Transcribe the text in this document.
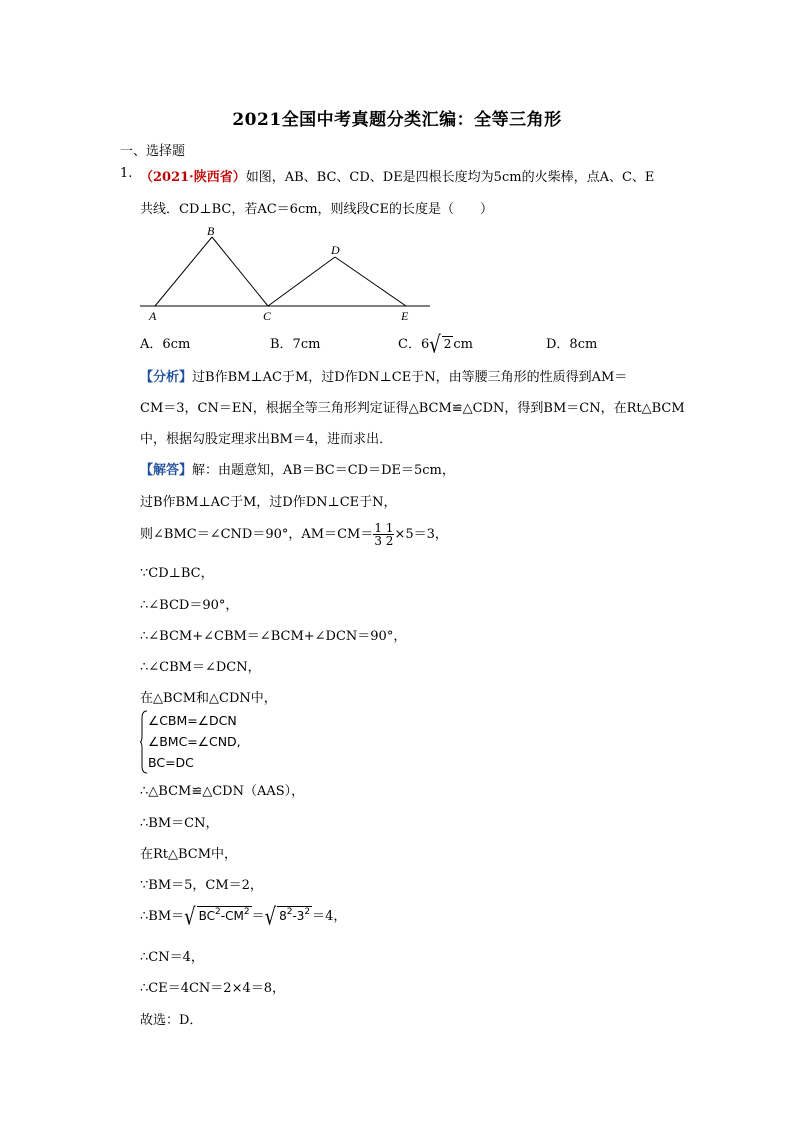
2021全国中考真题分类汇编：全等三角形
一、选择题
1. （2021·陕西省）如图，AB、BC、CD、DE是四根长度均为5cm的火柴棒，点A、C、E
共线．CD⊥BC，若AC＝6cm，则线段CE的长度是（　　）
A
B
C
D
E
A．6cm	B．7cm	C．6√ 2 cm	D．8cm
【分析】过B作BM⊥AC于M，过D作DN⊥CE于N，由等腰三角形的性质得到AM＝
CM＝3，CN＝EN，根据全等三角形判定证得△BCM≌△CDN，得到BM＝CN，在Rt△BCM
中，根据勾股定理求出BM＝4，进而求出．
【解答】解：由题意知，AB＝BC＝CD＝DE＝5cm，
过B作BM⊥AC于M，过D作DN⊥CE于N，
则∠BMC＝∠CND＝90°，$AM=CM= \frac{1 1}{3 2} \times 5=3$，
∵CD⊥BC，
∴∠BCD＝90°，
∴∠BCM+∠CBM＝∠BCM+∠DCN＝90°，
∴∠CBM＝∠DCN，
在△BCM和△CDN中，
∠CBM=∠DCN
∠BMC=∠CND,
BC=DC
∴△BCM≌△CDN（AAS），
∴BM＝CN，
在Rt△BCM中，
∵BM＝5，CM＝2，
∴BM＝√ $BC^2-CM^2$ ＝√ $8^2-3^2 =4$，
∴CN＝4，
∴CE＝4CN＝2×4＝8，
故选：D．
